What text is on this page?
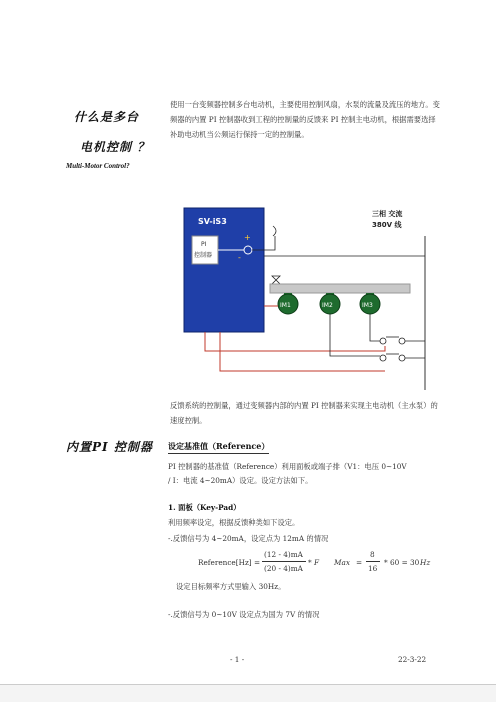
什么是多台
电机控制 ？
Multi-Motor Control?
使用一台变频器控制多台电动机，主要使用控制风扇，水泵的流量及流压的地方。变频器的内置 PI 控制器收到工程的控制量的反馈来 PI 控制主电动机，根据需要选择补助电动机当公频运行保持一定的控制量。
三相 交流
380V 线
SV-iS3
PI
控制器
+
-
IM1	IM2	IM3
反馈系统的控制量，通过变频器内部的内置 PI 控制器来实现主电动机（主水泵）的速度控制。
内置PI 控制器 设定基准值（Reference）
PI 控制器的基准值（Reference）利用面板或端子排（V1：电压 0~10V
/ I：电流 4~20mA）设定。设定方法如下。
1. 面板（Key-Pad）
利用频率设定，根据反馈种类如下设定。
-.反馈信号为 4~20mA，设定点为 12mA 的情况
Reference[Hz] =
(12 - 4)mA
(20 - 4)mA
* F Max =
8
16
* 60 = 30 Hz
设定目标频率方式里输入 30Hz。
-.反馈信号为 0~10V 设定点为国为 7V 的情况
- 1 -	22-3-22
